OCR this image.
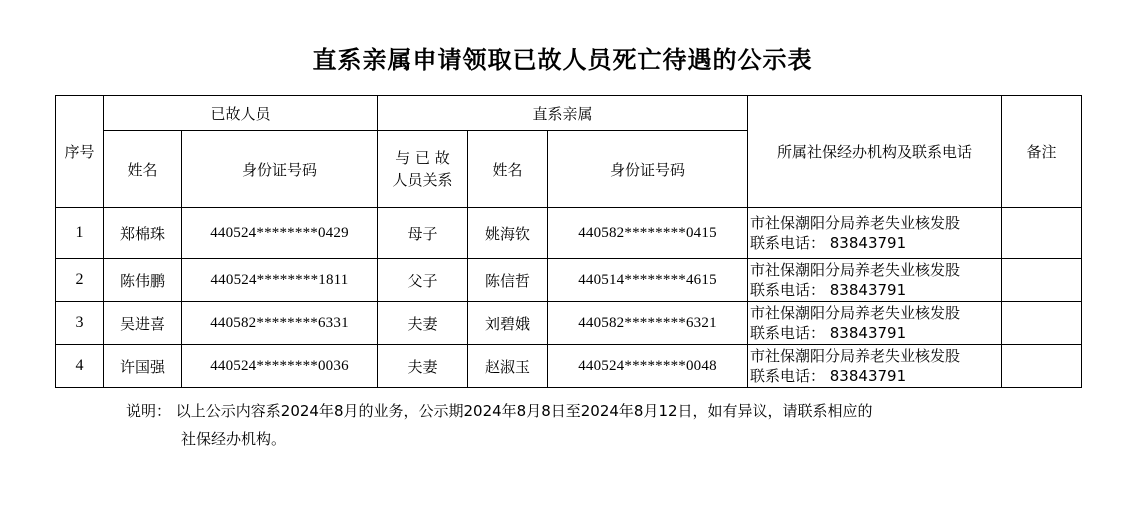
直系亲属申请领取已故人员死亡待遇的公示表
序号	已故人员		直系亲属			所属社保经办机构及联系电话	备注
	姓名	身份证号码	与 已 故
人员关系	姓名	身份证号码		
1	郑棉珠	440524********0429	母子	姚海钦	440582********0415	市社保潮阳分局养老失业核发股
联系电话： 83843791	

2	陈伟鹏	440524********1811	父子	陈信哲	440514********4615	市社保潮阳分局养老失业核发股
联系电话： 83843791	

3	吴进喜	440582********6331	夫妻	刘碧娥	440582********6321	市社保潮阳分局养老失业核发股
联系电话： 83843791	

4	许国强	440524********0036	夫妻	赵淑玉	440524********0048	市社保潮阳分局养老失业核发股
联系电话： 83843791	

说明： 以上公示内容系2024年8月的业务，公示期2024年8月8日至2024年8月12日，如有异议，请联系相应的
社保经办机构。
